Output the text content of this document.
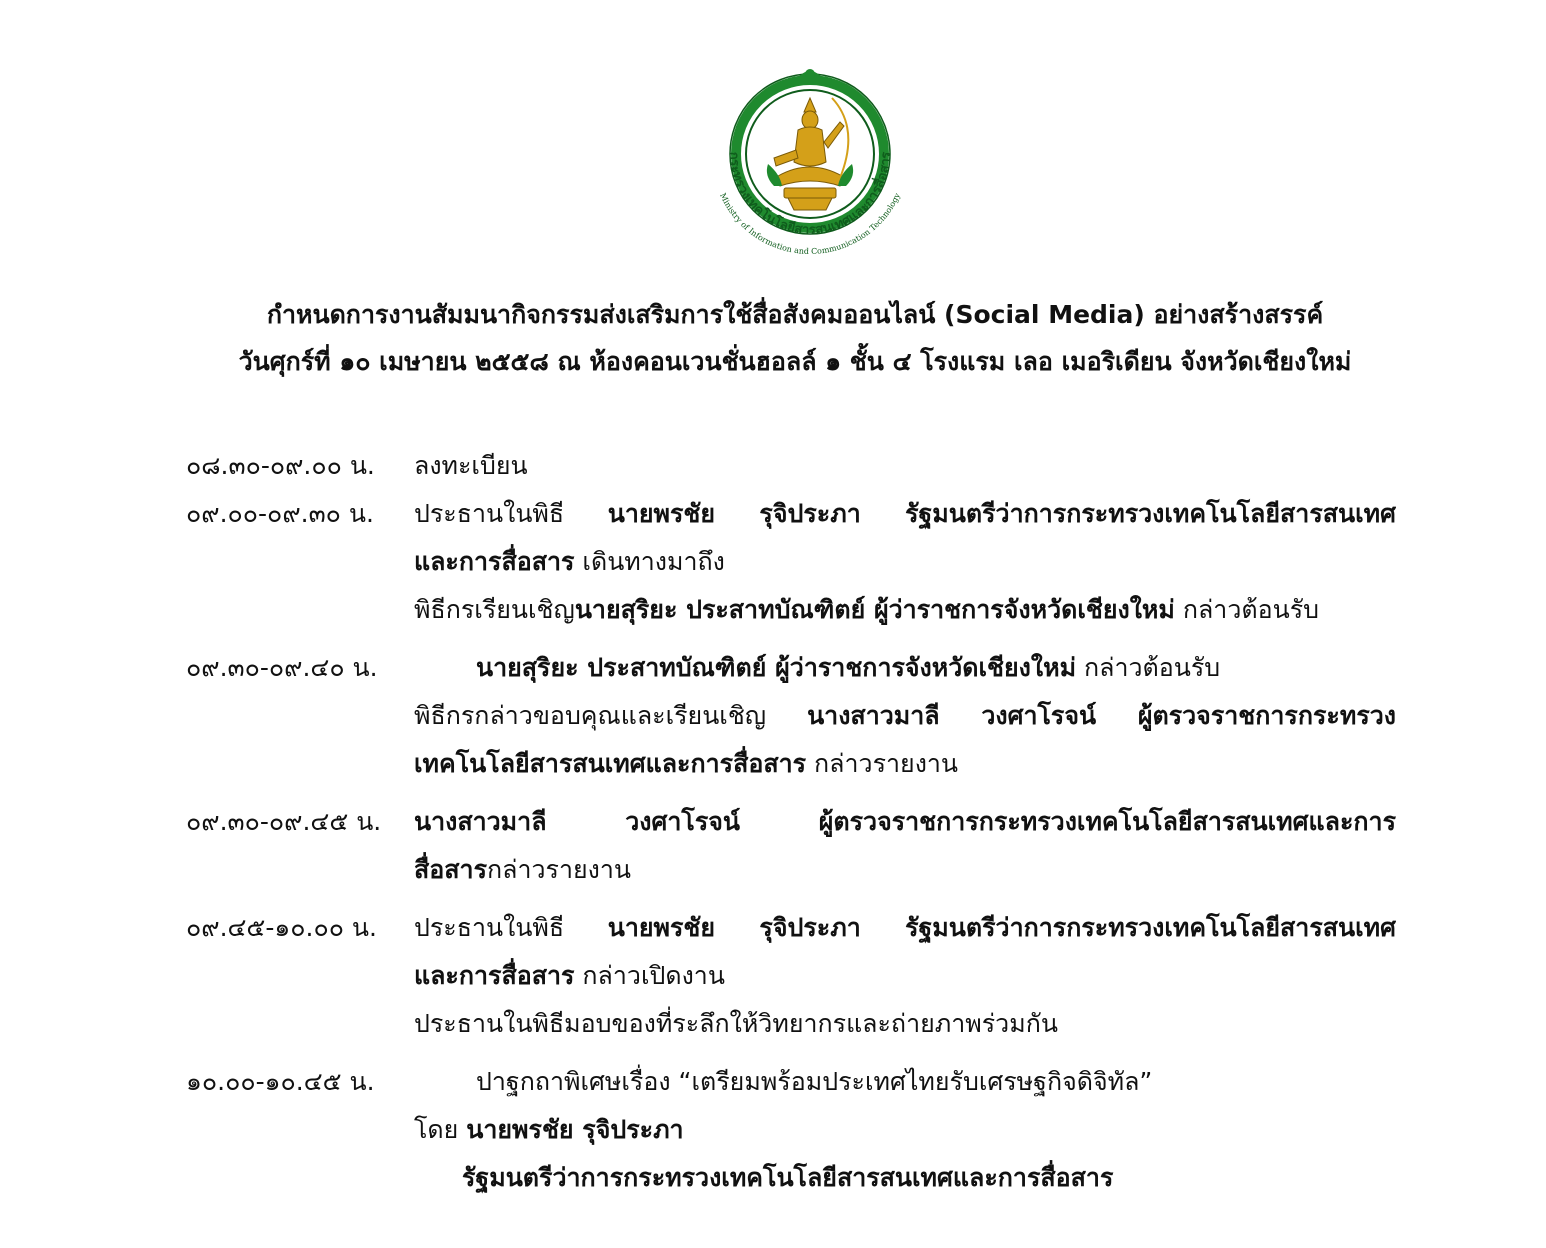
กระทรวงเทคโนโลยีสารสนเทศและการสื่อสาร
Ministry of Information and Communication Technology
กำหนดการงานสัมมนากิจกรรมส่งเสริมการใช้สื่อสังคมออนไลน์ (Social Media) อย่างสร้างสรรค์
วันศุกร์ที่ ๑๐ เมษายน ๒๕๕๘ ณ ห้องคอนเวนชั่นฮอลล์ ๑ ชั้น ๔ โรงแรม เลอ เมอริเดียน จังหวัดเชียงใหม่
๐๘.๓๐-๐๙.๐๐ น.	ลงทะเบียน
๐๙.๐๐-๐๙.๓๐ น.	ประธานในพิธี นายพรชัย รุจิประภา รัฐมนตรีว่าการกระทรวงเทคโนโลยีสารสนเทศ
และการสื่อสาร เดินทางมาถึง
พิธีกรเรียนเชิญนายสุริยะ ประสาทบัณฑิตย์ ผู้ว่าราชการจังหวัดเชียงใหม่ กล่าวต้อนรับ
๐๙.๓๐-๐๙.๔๐ น.	นายสุริยะ ประสาทบัณฑิตย์ ผู้ว่าราชการจังหวัดเชียงใหม่ กล่าวต้อนรับ
พิธีกรกล่าวขอบคุณและเรียนเชิญ นางสาวมาลี วงศาโรจน์ ผู้ตรวจราชการกระทรวง
เทคโนโลยีสารสนเทศและการสื่อสาร กล่าวรายงาน
๐๙.๓๐-๐๙.๔๕ น.	นางสาวมาลี วงศาโรจน์ ผู้ตรวจราชการกระทรวงเทคโนโลยีสารสนเทศและการ
สื่อสารกล่าวรายงาน
๐๙.๔๕-๑๐.๐๐ น.	ประธานในพิธี นายพรชัย รุจิประภา รัฐมนตรีว่าการกระทรวงเทคโนโลยีสารสนเทศ
และการสื่อสาร กล่าวเปิดงาน
ประธานในพิธีมอบของที่ระลึกให้วิทยากรและถ่ายภาพร่วมกัน
๑๐.๐๐-๑๐.๔๕ น.	ปาฐกถาพิเศษเรื่อง “เตรียมพร้อมประเทศไทยรับเศรษฐกิจดิจิทัล”
โดย นายพรชัย รุจิประภา
รัฐมนตรีว่าการกระทรวงเทคโนโลยีสารสนเทศและการสื่อสาร
